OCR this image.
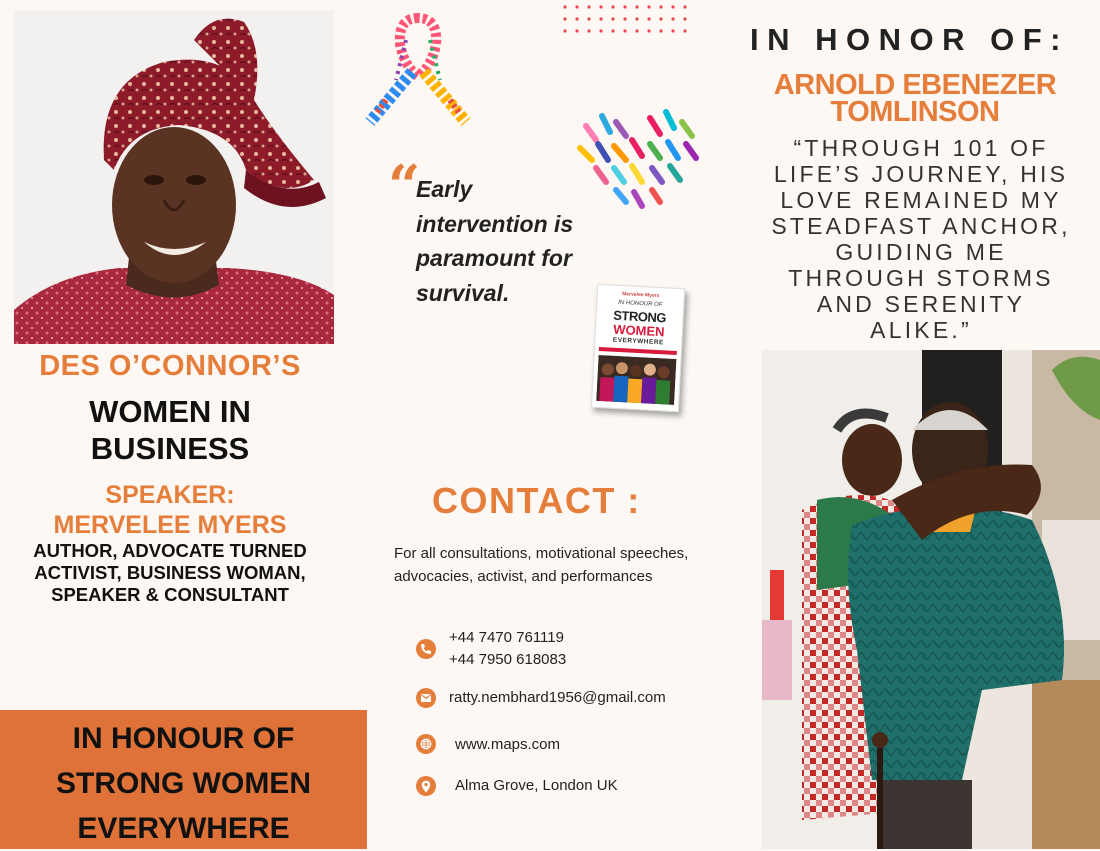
DES O’CONNOR’S
WOMEN IN
BUSINESS
SPEAKER:
MERVELEE MYERS
AUTHOR, ADVOCATE TURNED
ACTIVIST, BUSINESS WOMAN,
SPEAKER & CONSULTANT
IN HONOUR OF
STRONG WOMEN
EVERYWHERE
“
Early
intervention is
paramount for
survival.	Mervelee Myers
IN HONOUR OF
STRONG
WOMEN
EVERYWHERE
CONTACT :
For all consultations, motivational speeches, advocacies, activist, and performances
+44 7470 761119
+44 7950 618083
ratty.nembhard1956@gmail.com
www.maps.com
Alma Grove, London UK
IN HONOR OF:
ARNOLD EBENEZER
TOMLINSON
“THROUGH 101 OF
LIFE’S JOURNEY, HIS
LOVE REMAINED MY
STEADFAST ANCHOR,
GUIDING ME
THROUGH STORMS
AND SERENITY
ALIKE.”
